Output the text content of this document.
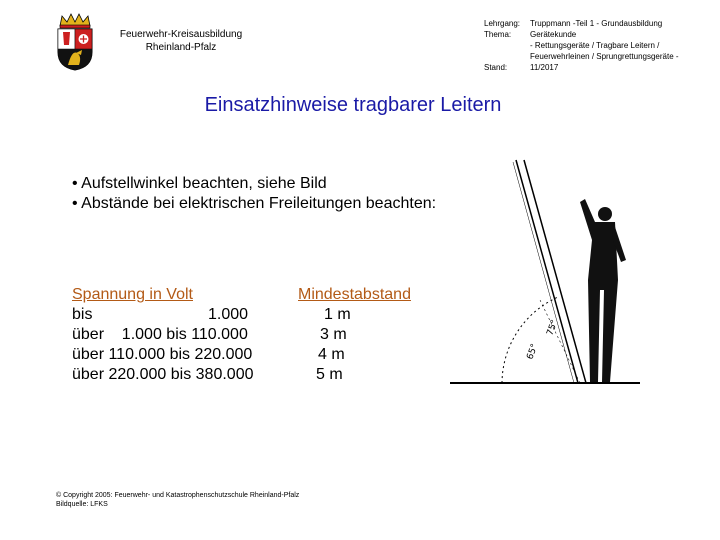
Feuerwehr-Kreisausbildung
Rheinland-Pfalz
Lehrgang: Truppmann -Teil 1 - Grundausbildung
Thema: Gerätekunde
- Rettungsgeräte / Tragbare Leitern /
Feuerwehrleinen / Sprungrettungsgeräte -
Stand:	11/2017
Einsatzhinweise tragbarer Leitern
• Aufstellwinkel beachten, siehe Bild
• Abstände bei elektrischen Freileitungen beachten:
Spannung in Volt	Mindestabstand
bis                          1.000	1 m
über    1.000 bis 110.000	3 m
über 110.000 bis 220.000	4 m
über 220.000 bis 380.000	5 m
65°
75°
© Copyright 2005: Feuerwehr- und Katastrophenschutzschule Rheinland-Pfalz
Bildquelle: LFKS
